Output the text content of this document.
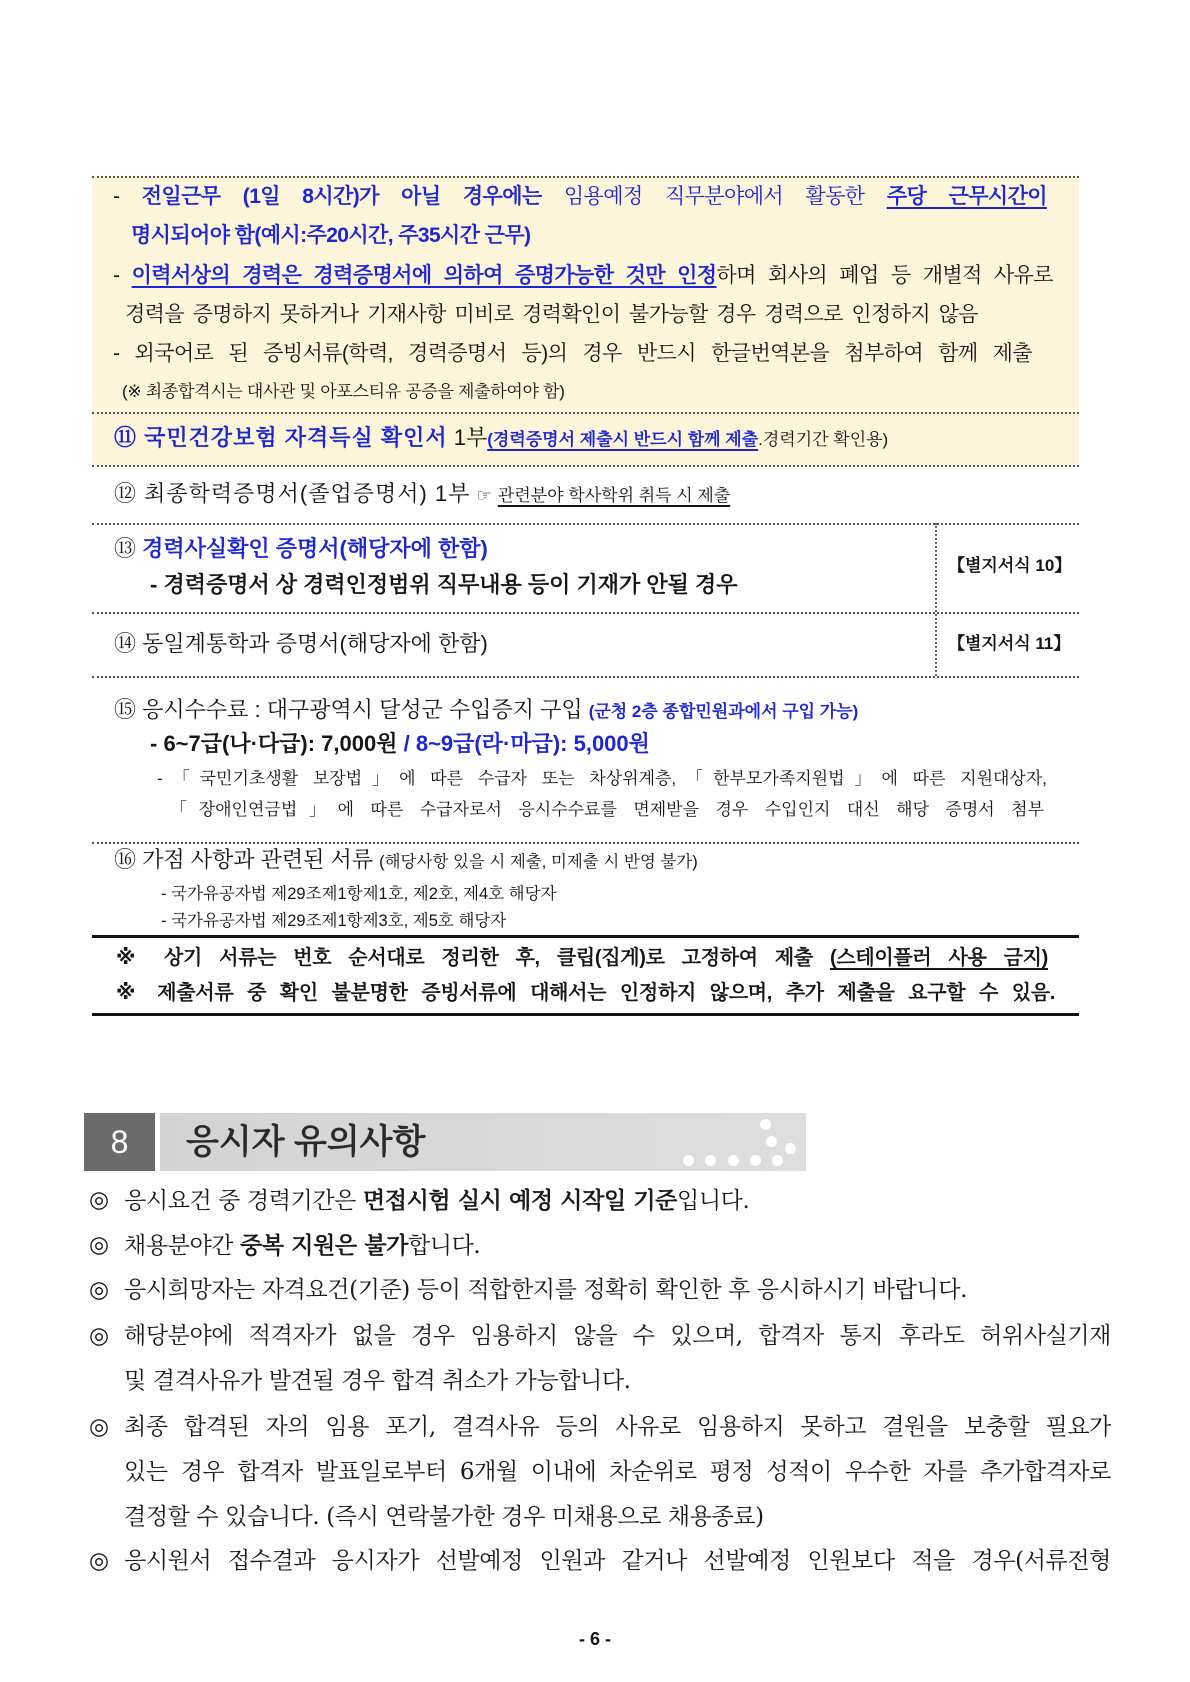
- 전일근무 (1일 8시간)가 아닐 경우에는 임용예정 직무분야에서 활동한 주당 근무시간이
명시되어야 함(예시:주20시간, 주35시간 근무)
- 이력서상의 경력은 경력증명서에 의하여 증명가능한 것만 인정하며 회사의 폐업 등 개별적 사유로
경력을 증명하지 못하거나 기재사항 미비로 경력확인이 불가능할 경우 경력으로 인정하지 않음
- 외국어로 된 증빙서류(학력, 경력증명서 등)의 경우 반드시 한글번역본을 첨부하여 함께 제출
(※ 최종합격시는 대사관 및 아포스티유 공증을 제출하여야 함)
⑪ 국민건강보험 자격득실 확인서 1부(경력증명서 제출시 반드시 함께 제출.경력기간 확인용)
⑫ 최종학력증명서(졸업증명서) 1부 ☞ 관련분야 학사학위 취득 시 제출
⑬ 경력사실확인 증명서(해당자에 한함)
- 경력증명서 상 경력인정범위 직무내용 등이 기재가 안될 경우
【별지서식 10】
⑭ 동일계통학과 증명서(해당자에 한함)	【별지서식 11】
⑮ 응시수수료 : 대구광역시 달성군 수입증지 구입 (군청 2층 종합민원과에서 구입 가능)
- 6~7급(나·다급): 7,000원 / 8~9급(라·마급): 5,000원
-「국민기초생활 보장법」에 따른 수급자 또는 차상위계층,「한부모가족지원법」에 따른 지원대상자,
「장애인연금법」에 따른 수급자로서 응시수수료를 면제받을 경우 수입인지 대신 해당 증명서 첨부
⑯ 가점 사항과 관련된 서류 (해당사항 있을 시 제출, 미제출 시 반영 불가)
- 국가유공자법 제29조제1항제1호, 제2호, 제4호 해당자
- 국가유공자법 제29조제1항제3호, 제5호 해당자
※ 상기 서류는 번호 순서대로 정리한 후, 클립(집게)로 고정하여 제출 (스테이플러 사용 금지)
※ 제출서류 중 확인 불분명한 증빙서류에 대해서는 인정하지 않으며, 추가 제출을 요구할 수 있음.
8	응시자 유의사항
◎ 응시요건 중 경력기간은 면접시험 실시 예정 시작일 기준입니다.
◎ 채용분야간 중복 지원은 불가합니다.
◎ 응시희망자는 자격요건(기준) 등이 적합한지를 정확히 확인한 후 응시하시기 바랍니다.
◎ 해당분야에 적격자가 없을 경우 임용하지 않을 수 있으며, 합격자 통지 후라도 허위사실기재
및 결격사유가 발견될 경우 합격 취소가 가능합니다.
◎ 최종 합격된 자의 임용 포기, 결격사유 등의 사유로 임용하지 못하고 결원을 보충할 필요가
있는 경우 합격자 발표일로부터 6개월 이내에 차순위로 평정 성적이 우수한 자를 추가합격자로
결정할 수 있습니다. (즉시 연락불가한 경우 미채용으로 채용종료)
◎ 응시원서 접수결과 응시자가 선발예정 인원과 같거나 선발예정 인원보다 적을 경우(서류전형
- 6 -
